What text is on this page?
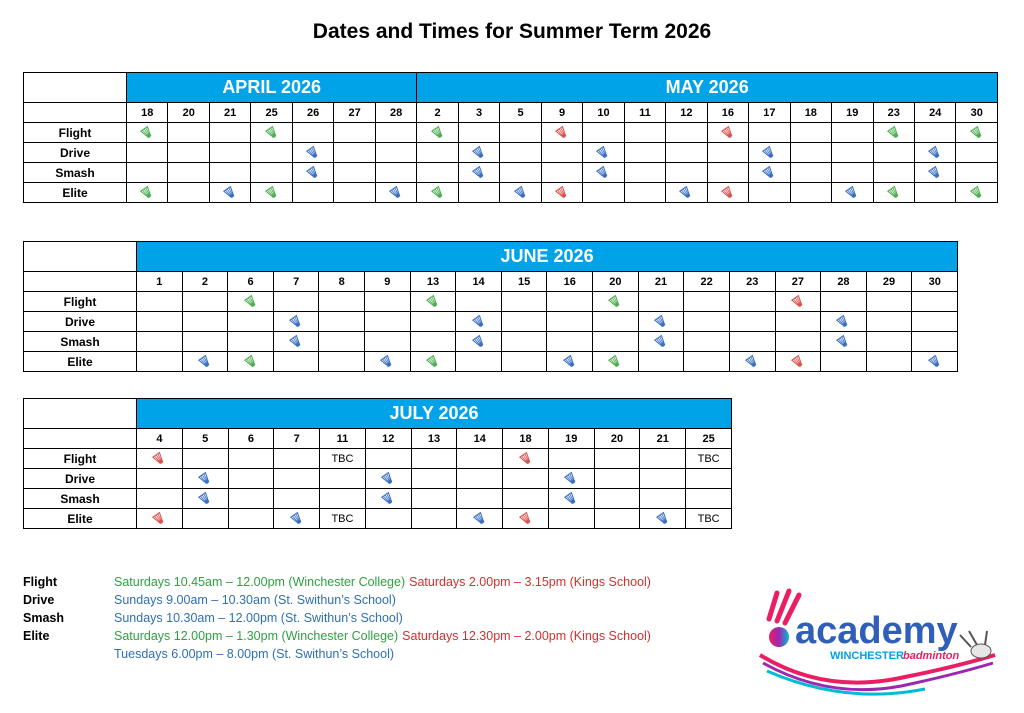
Dates and Times for Summer Term 2026
	APRIL 2026							MAY 2026													
	18	20	21	25	26	27	28	2	3	5	9	10	11	12	16	17	18	19	23	24	30
Flight																					
Drive																					
Smash																					
Elite																					
	JUNE 2026																	
	1	2	6	7	8	9	13	14	15	16	20	21	22	23	27	28	29	30
Flight																		
Drive																		
Smash																		
Elite																		
	JULY 2026												
	4	5	6	7	11	12	13	14	18	19	20	21	25
Flight					TBC								TBC
Drive													
Smash													
Elite					TBC								TBC
Flight	Saturdays 10.45am – 12.00pm (Winchester College) Saturdays 2.00pm – 3.15pm (Kings School)
Drive	Sundays 9.00am – 10.30am (St. Swithun’s School)
Smash	Sundays 10.30am – 12.00pm (St. Swithun’s School)
Elite	Saturdays 12.00pm – 1.30pm (Winchester College) Saturdays 12.30pm – 2.00pm (Kings School)
Tuesdays 6.00pm – 8.00pm (St. Swithun’s School)
academy
WINCHESTER badminton
